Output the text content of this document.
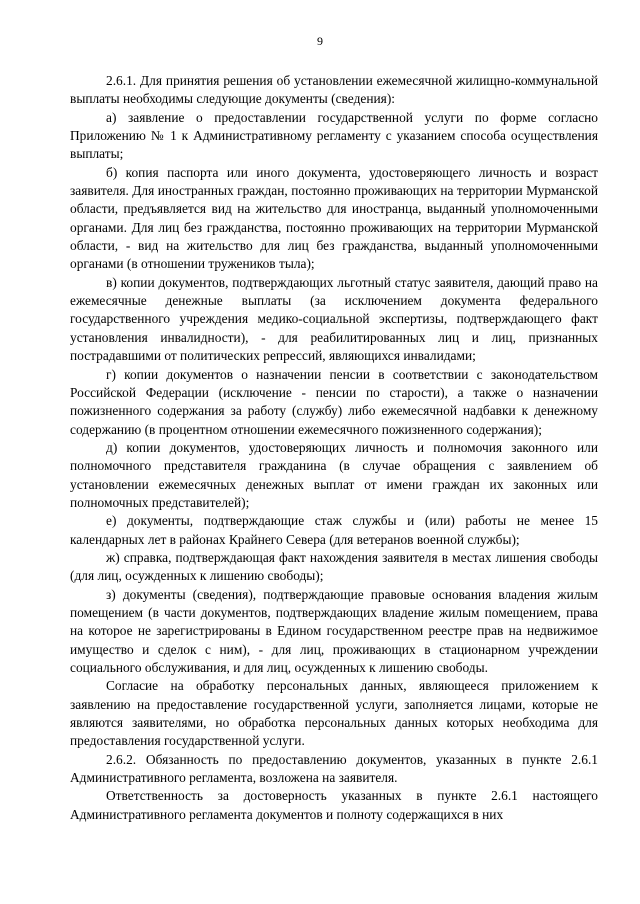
9

2.6.1. Для принятия решения об установлении ежемесячной жилищно-коммунальной выплаты необходимы следующие документы (сведения):

а) заявление о предоставлении государственной услуги по форме согласно Приложению № 1 к Административному регламенту с указанием способа осуществления выплаты;

б) копия паспорта или иного документа, удостоверяющего личность и возраст заявителя. Для иностранных граждан, постоянно проживающих на территории Мурманской области, предъявляется вид на жительство для иностранца, выданный уполномоченными органами. Для лиц без гражданства, постоянно проживающих на территории Мурманской области, - вид на жительство для лиц без гражданства, выданный уполномоченными органами (в отношении тружеников тыла);

в) копии документов, подтверждающих льготный статус заявителя, дающий право на ежемесячные денежные выплаты (за исключением документа федерального государственного учреждения медико-социальной экспертизы, подтверждающего факт установления инвалидности), - для реабилитированных лиц и лиц, признанных пострадавшими от политических репрессий, являющихся инвалидами;

г) копии документов о назначении пенсии в соответствии с законодательством Российской Федерации (исключение - пенсии по старости), а также о назначении пожизненного содержания за работу (службу) либо ежемесячной надбавки к денежному содержанию (в процентном отношении ежемесячного пожизненного содержания);

д) копии документов, удостоверяющих личность и полномочия законного или полномочного представителя гражданина (в случае обращения с заявлением об установлении ежемесячных денежных выплат от имени граждан их законных или полномочных представителей);

е) документы, подтверждающие стаж службы и (или) работы не менее 15 календарных лет в районах Крайнего Севера (для ветеранов военной службы);

ж) справка, подтверждающая факт нахождения заявителя в местах лишения свободы (для лиц, осужденных к лишению свободы);

з) документы (сведения), подтверждающие правовые основания владения жилым помещением (в части документов, подтверждающих владение жилым помещением, права на которое не зарегистрированы в Едином государственном реестре прав на недвижимое имущество и сделок с ним), - для лиц, проживающих в стационарном учреждении социального обслуживания, и для лиц, осужденных к лишению свободы.

Согласие на обработку персональных данных, являющееся приложением к заявлению на предоставление государственной услуги, заполняется лицами, которые не являются заявителями, но обработка персональных данных которых необходима для предоставления государственной услуги.

2.6.2. Обязанность по предоставлению документов, указанных в пункте 2.6.1 Административного регламента, возложена на заявителя.

Ответственность за достоверность указанных в пункте 2.6.1 настоящего Административного регламента документов и полноту содержащихся в них
